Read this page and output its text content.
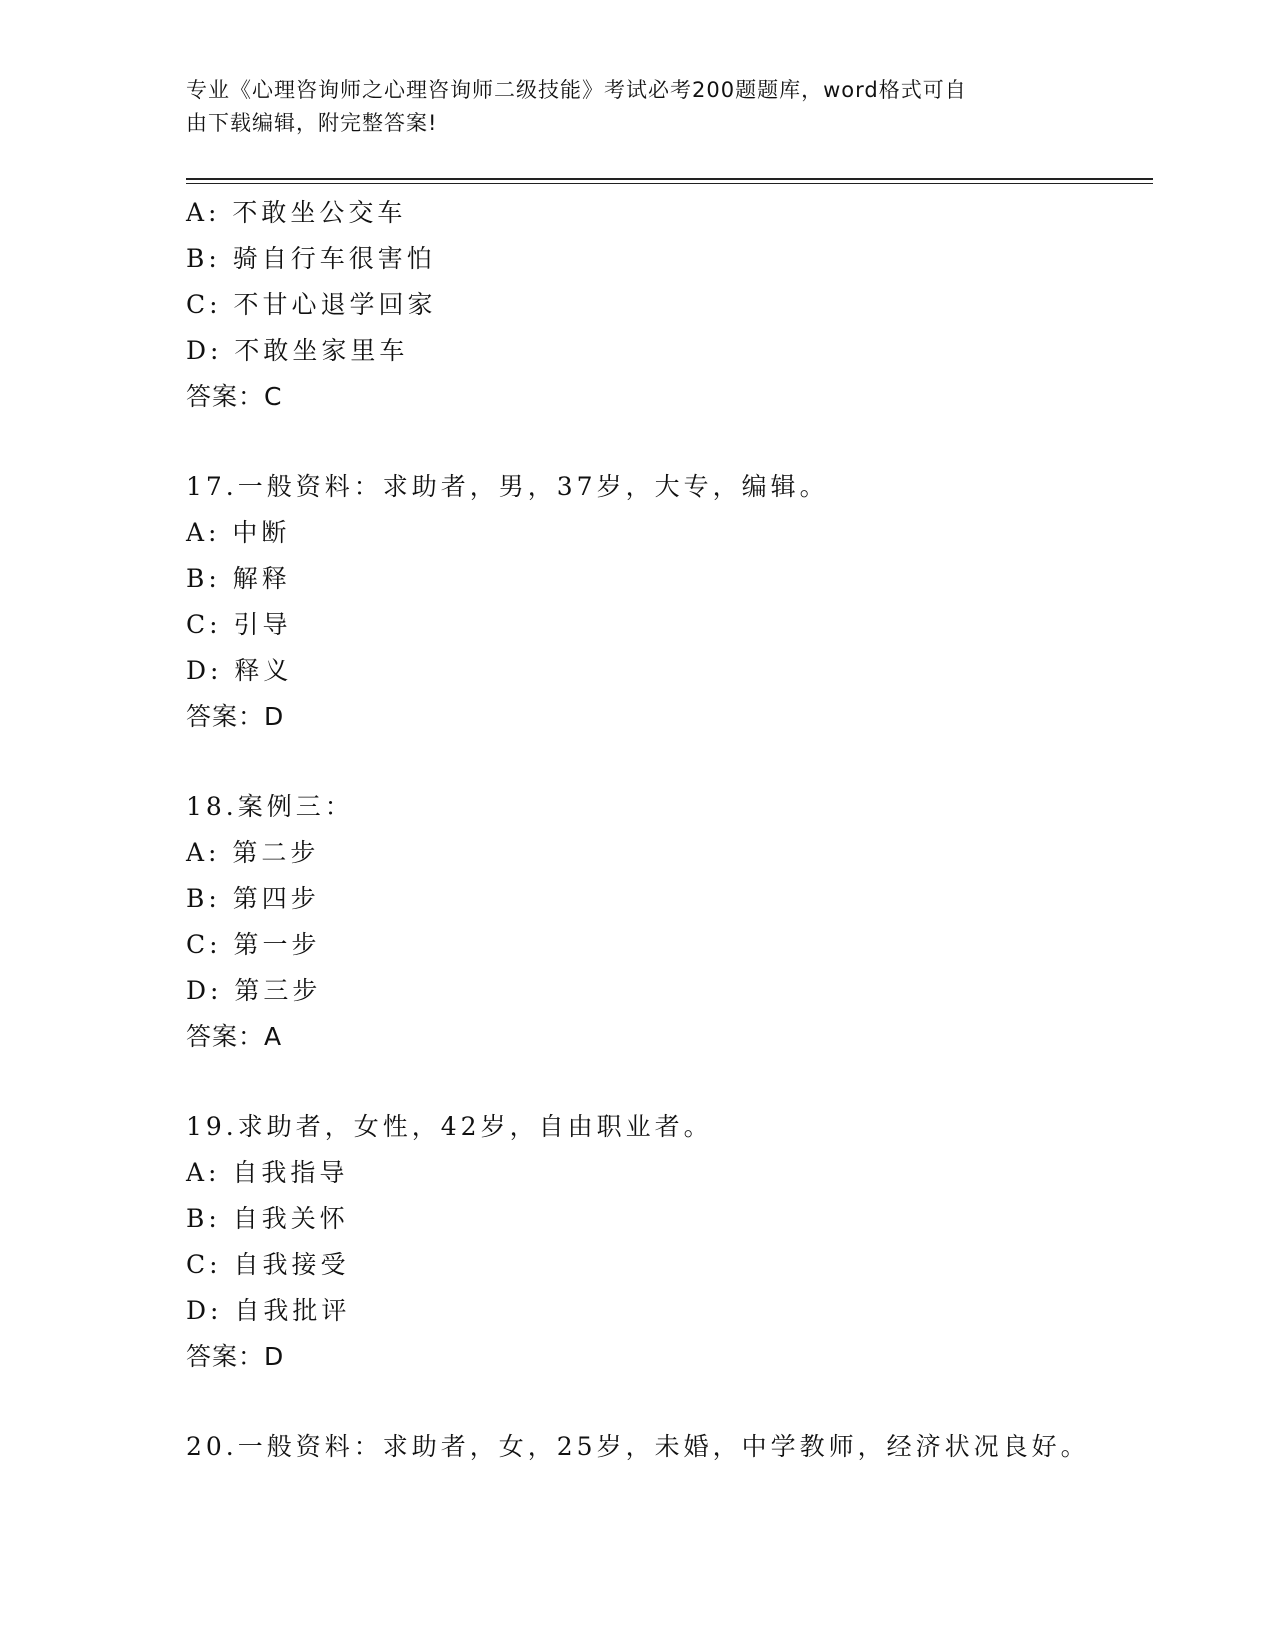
专业《心理咨询师之心理咨询师二级技能》考试必考200题题库，word格式可自
由下载编辑，附完整答案!
A: 不敢坐公交车
B: 骑自行车很害怕
C: 不甘心退学回家
D: 不敢坐家里车
答案：C
17.一般资料：求助者，男，37岁，大专，编辑。
A: 中断
B: 解释
C: 引导
D: 释义
答案：D
18.案例三：
A: 第二步
B: 第四步
C: 第一步
D: 第三步
答案：A
19.求助者，女性，42岁，自由职业者。
A: 自我指导
B: 自我关怀
C: 自我接受
D: 自我批评
答案：D
20.一般资料：求助者，女，25岁，未婚，中学教师，经济状况良好。
